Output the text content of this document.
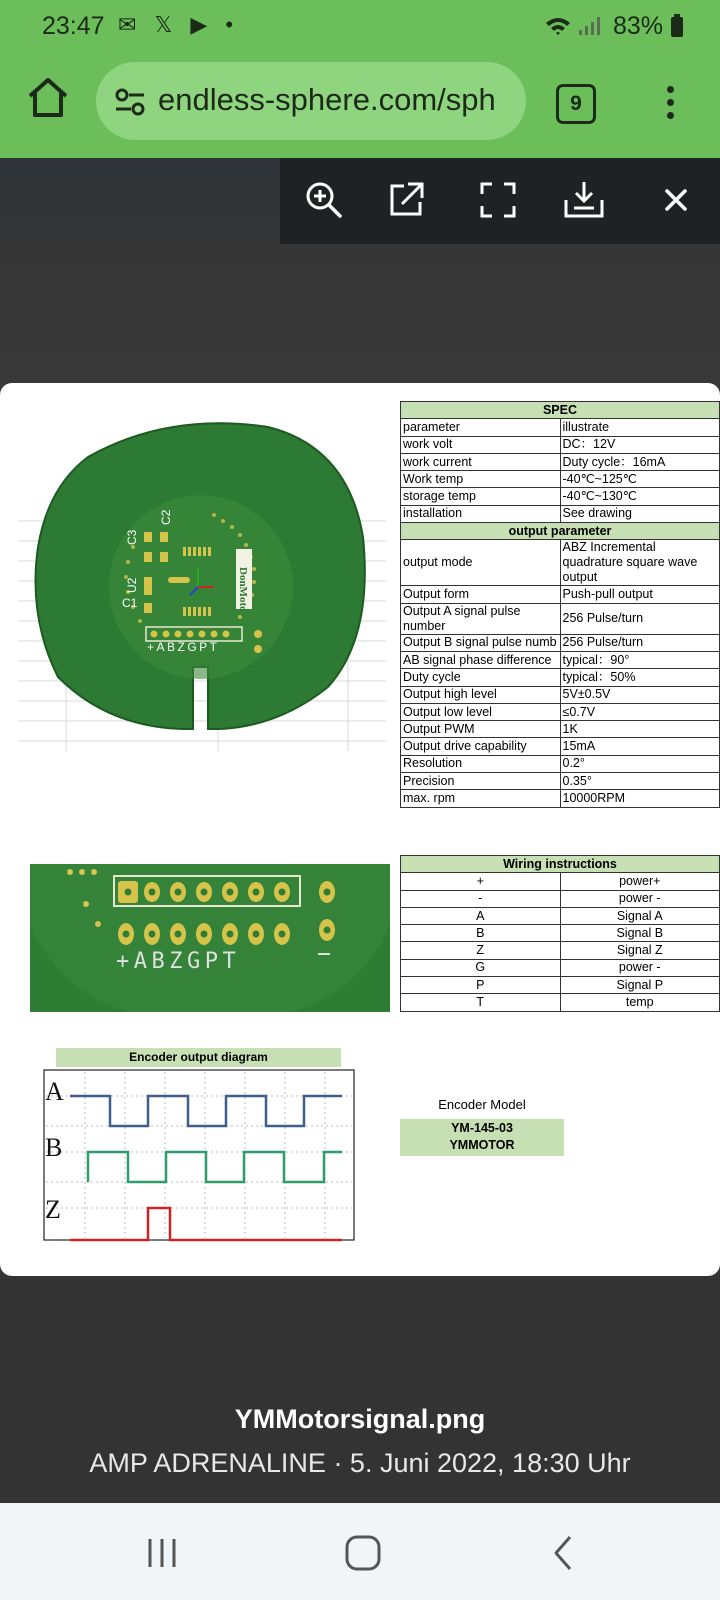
23:47 ✉ 𝕏 ▶ •	83%
endless-sphere.com/sph	9
+ABZGPT
C3
C2
U2
C1	DonMoto
+ABZGPT
Encoder output diagram
A
B
Z
SPEC	
parameter	illustrate
work volt	DC：12V
work current	Duty cycle：16mA
Work temp	-40℃~125℃
storage temp	-40℃~130℃
installation	See drawing
output parameter	
output mode	ABZ Incremental quadrature square wave output
Output form	Push-pull output
Output A signal pulse number	256 Pulse/turn
Output B signal pulse numb	256 Pulse/turn
AB signal phase difference	typical：90°
Duty cycle	typical：50%
Output high level	5V±0.5V
Output low level	≤0.7V
Output PWM	1K
Output drive capability	15mA
Resolution	0.2°
Precision	0.35°
max. rpm	10000RPM
Wiring instructions	
+	power+
-	power -
A	Signal A
B	Signal B
Z	Signal Z
G	power -
P	Signal P
T	temp
Encoder Model
YM-145-03
YMMOTOR
YMMotorsignal.png
AMP ADRENALINE · 5. Juni 2022, 18:30 Uhr
